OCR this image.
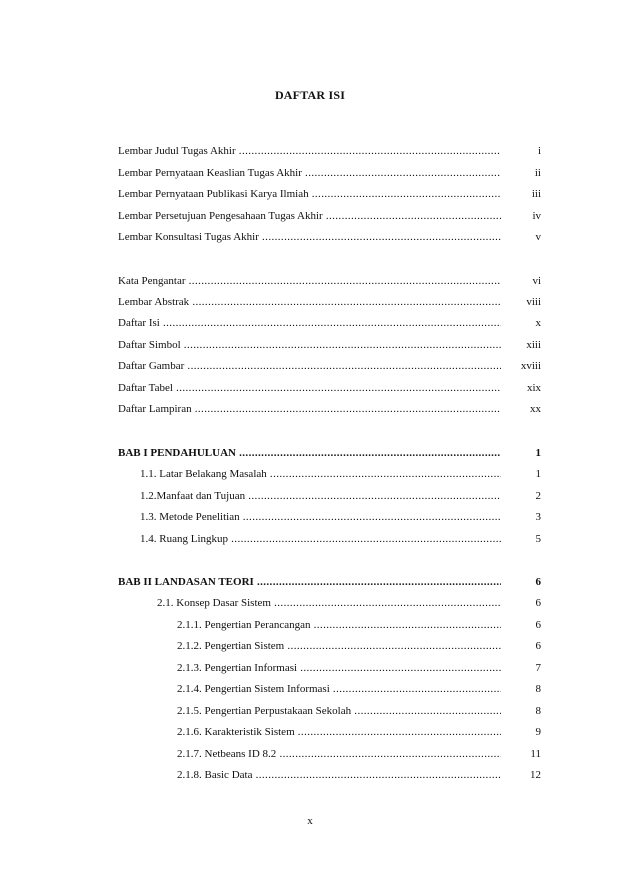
DAFTAR ISI
Lembar Judul Tugas Akhir .....	i
Lembar Pernyataan Keaslian Tugas Akhir .....	ii
Lembar Pernyataan Publikasi Karya Ilmiah .....	iii
Lembar Persetujuan Pengesahaan Tugas Akhir .....	iv
Lembar Konsultasi Tugas Akhir .....	v
Kata Pengantar .....	vi
Lembar Abstrak .....	viii
Daftar Isi .....	x
Daftar Simbol .....	xiii
Daftar Gambar .....	xviii
Daftar Tabel .....	xix
Daftar Lampiran .....	xx
BAB I PENDAHULUAN .....	1
1.1. Latar Belakang Masalah .....	1
1.2.Manfaat dan Tujuan .....	2
1.3. Metode Penelitian .....	3
1.4. Ruang Lingkup .....	5
BAB II LANDASAN TEORI .....	6
2.1. Konsep Dasar Sistem .....	6
2.1.1. Pengertian Perancangan .....	6
2.1.2. Pengertian Sistem .....	6
2.1.3. Pengertian Informasi .....	7
2.1.4. Pengertian Sistem Informasi .....	8
2.1.5. Pengertian Perpustakaan Sekolah .....	8
2.1.6. Karakteristik Sistem .....	9
2.1.7. Netbeans ID 8.2 .....	11
2.1.8. Basic Data .....	12
x
